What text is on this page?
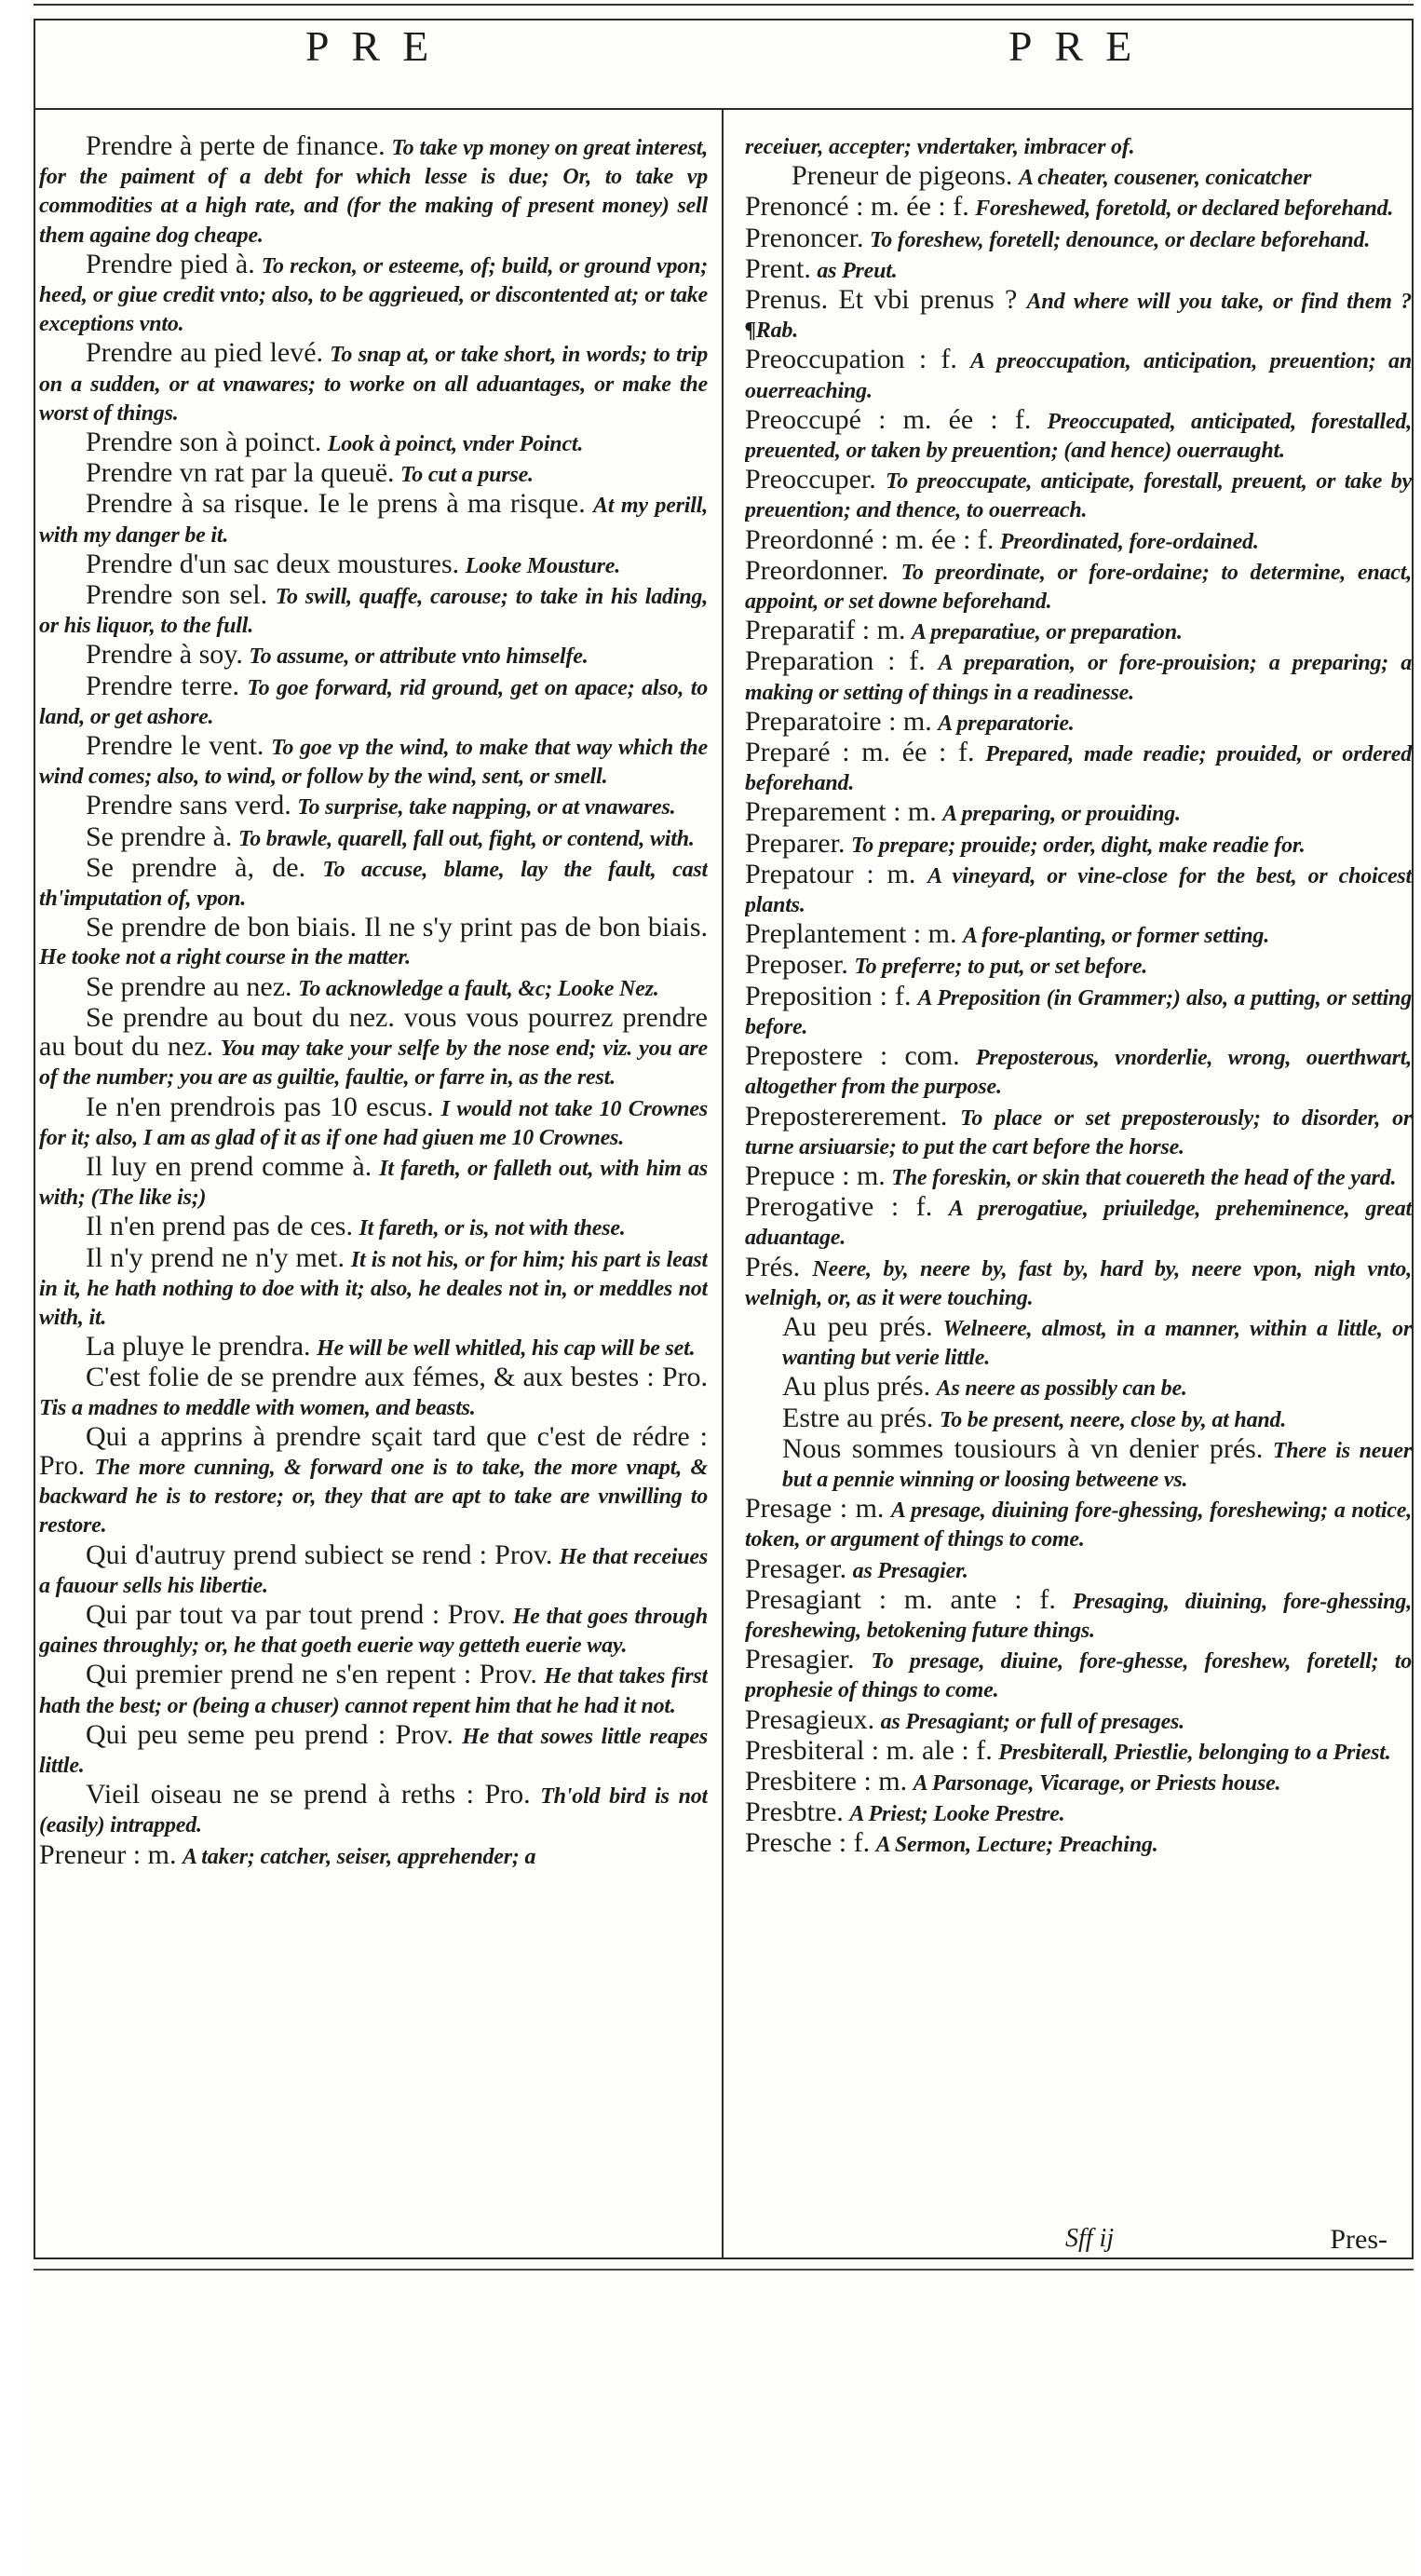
PRE	PRE

Prendre à perte de finance. To take vp money on great interest, for the paiment of a debt for which lesse is due; Or, to take vp commodities at a high rate, and (for the making of present money) sell them againe dog cheape.

Prendre pied à. To reckon, or esteeme, of; build, or ground vpon; heed, or giue credit vnto; also, to be aggrieued, or discontented at; or take exceptions vnto.

Prendre au pied levé. To snap at, or take short, in words; to trip on a sudden, or at vnawares; to worke on all aduantages, or make the worst of things.

Prendre son à poinct. Look à poinct, vnder Poinct.

Prendre vn rat par la queuë. To cut a purse.

Prendre à sa risque. Ie le prens à ma risque. At my perill, with my danger be it.

Prendre d'un sac deux moustures. Looke Mousture.

Prendre son sel. To swill, quaffe, carouse; to take in his lading, or his liquor, to the full.

Prendre à soy. To assume, or attribute vnto himselfe.

Prendre terre. To goe forward, rid ground, get on apace; also, to land, or get ashore.

Prendre le vent. To goe vp the wind, to make that way which the wind comes; also, to wind, or follow by the wind, sent, or smell.

Prendre sans verd. To surprise, take napping, or at vnawares.

Se prendre à. To brawle, quarell, fall out, fight, or contend, with.

Se prendre à, de. To accuse, blame, lay the fault, cast th'imputation of, vpon.

Se prendre de bon biais. Il ne s'y print pas de bon biais. He tooke not a right course in the matter.

Se prendre au nez. To acknowledge a fault, &c; Looke Nez.

Se prendre au bout du nez. vous vous pourrez prendre au bout du nez. You may take your selfe by the nose end; viz. you are of the number; you are as guiltie, faultie, or farre in, as the rest.

Ie n'en prendrois pas 10 escus. I would not take 10 Crownes for it; also, I am as glad of it as if one had giuen me 10 Crownes.

Il luy en prend comme à. It fareth, or falleth out, with him as with; (The like is;)

Il n'en prend pas de ces. It fareth, or is, not with these.

Il n'y prend ne n'y met. It is not his, or for him; his part is least in it, he hath nothing to doe with it; also, he deales not in, or meddles not with, it.

La pluye le prendra. He will be well whitled, his cap will be set.

C'est folie de se prendre aux fémes, & aux bestes : Pro. Tis a madnes to meddle with women, and beasts.

Qui a apprins à prendre sçait tard que c'est de rédre : Pro. The more cunning, & forward one is to take, the more vnapt, & backward he is to restore; or, they that are apt to take are vnwilling to restore.

Qui d'autruy prend subiect se rend : Prov. He that receiues a fauour sells his libertie.

Qui par tout va par tout prend : Prov. He that goes through gaines throughly; or, he that goeth euerie way getteth euerie way.

Qui premier prend ne s'en repent : Prov. He that takes first hath the best; or (being a chuser) cannot repent him that he had it not.

Qui peu seme peu prend : Prov. He that sowes little reapes little.

Vieil oiseau ne se prend à reths : Pro. Th'old bird is not (easily) intrapped.

Preneur : m. A taker; catcher, seiser, apprehender; a

receiuer, accepter; vndertaker, imbracer of.

Preneur de pigeons. A cheater, cousener, conicatcher

Prenoncé : m. ée : f. Foreshewed, foretold, or declared beforehand.

Prenoncer. To foreshew, foretell; denounce, or declare beforehand.

Prent. as Preut.

Prenus. Et vbi prenus ? And where will you take, or find them ? ¶Rab.

Preoccupation : f. A preoccupation, anticipation, preuention; an ouerreaching.

Preoccupé : m. ée : f. Preoccupated, anticipated, forestalled, preuented, or taken by preuention; (and hence) ouerraught.

Preoccuper. To preoccupate, anticipate, forestall, preuent, or take by preuention; and thence, to ouerreach.

Preordonné : m. ée : f. Preordinated, fore-ordained.

Preordonner. To preordinate, or fore-ordaine; to determine, enact, appoint, or set downe beforehand.

Preparatif : m. A preparatiue, or preparation.

Preparation : f. A preparation, or fore-prouision; a preparing; a making or setting of things in a readinesse.

Preparatoire : m. A preparatorie.

Preparé : m. ée : f. Prepared, made readie; prouided, or ordered beforehand.

Preparement : m. A preparing, or prouiding.

Preparer. To prepare; prouide; order, dight, make readie for.

Prepatour : m. A vineyard, or vine-close for the best, or choicest plants.

Preplantement : m. A fore-planting, or former setting.

Preposer. To preferre; to put, or set before.

Preposition : f. A Preposition (in Grammer;) also, a putting, or setting before.

Prepostere : com. Preposterous, vnorderlie, wrong, ouerthwart, altogether from the purpose.

Prepostererement. To place or set preposterously; to disorder, or turne arsiuarsie; to put the cart before the horse.

Prepuce : m. The foreskin, or skin that couereth the head of the yard.

Prerogative : f. A prerogatiue, priuiledge, preheminence, great aduantage.

Prés. Neere, by, neere by, fast by, hard by, neere vpon, nigh vnto, welnigh, or, as it were touching.

Au peu prés. Welneere, almost, in a manner, within a little, or wanting but verie little.

Au plus prés. As neere as possibly can be.

Estre au prés. To be present, neere, close by, at hand.

Nous sommes tousiours à vn denier prés. There is neuer but a pennie winning or loosing betweene vs.

Presage : m. A presage, diuining fore-ghessing, foreshewing; a notice, token, or argument of things to come.

Presager. as Presagier.

Presagiant : m. ante : f. Presaging, diuining, fore-ghessing, foreshewing, betokening future things.

Presagier. To presage, diuine, fore-ghesse, foreshew, foretell; to prophesie of things to come.

Presagieux. as Presagiant; or full of presages.

Presbiteral : m. ale : f. Presbiterall, Priestlie, belonging to a Priest.

Presbitere : m. A Parsonage, Vicarage, or Priests house.

Presbtre. A Priest; Looke Prestre.

Presche : f. A Sermon, Lecture; Preaching.

Sff ij	Pres-
